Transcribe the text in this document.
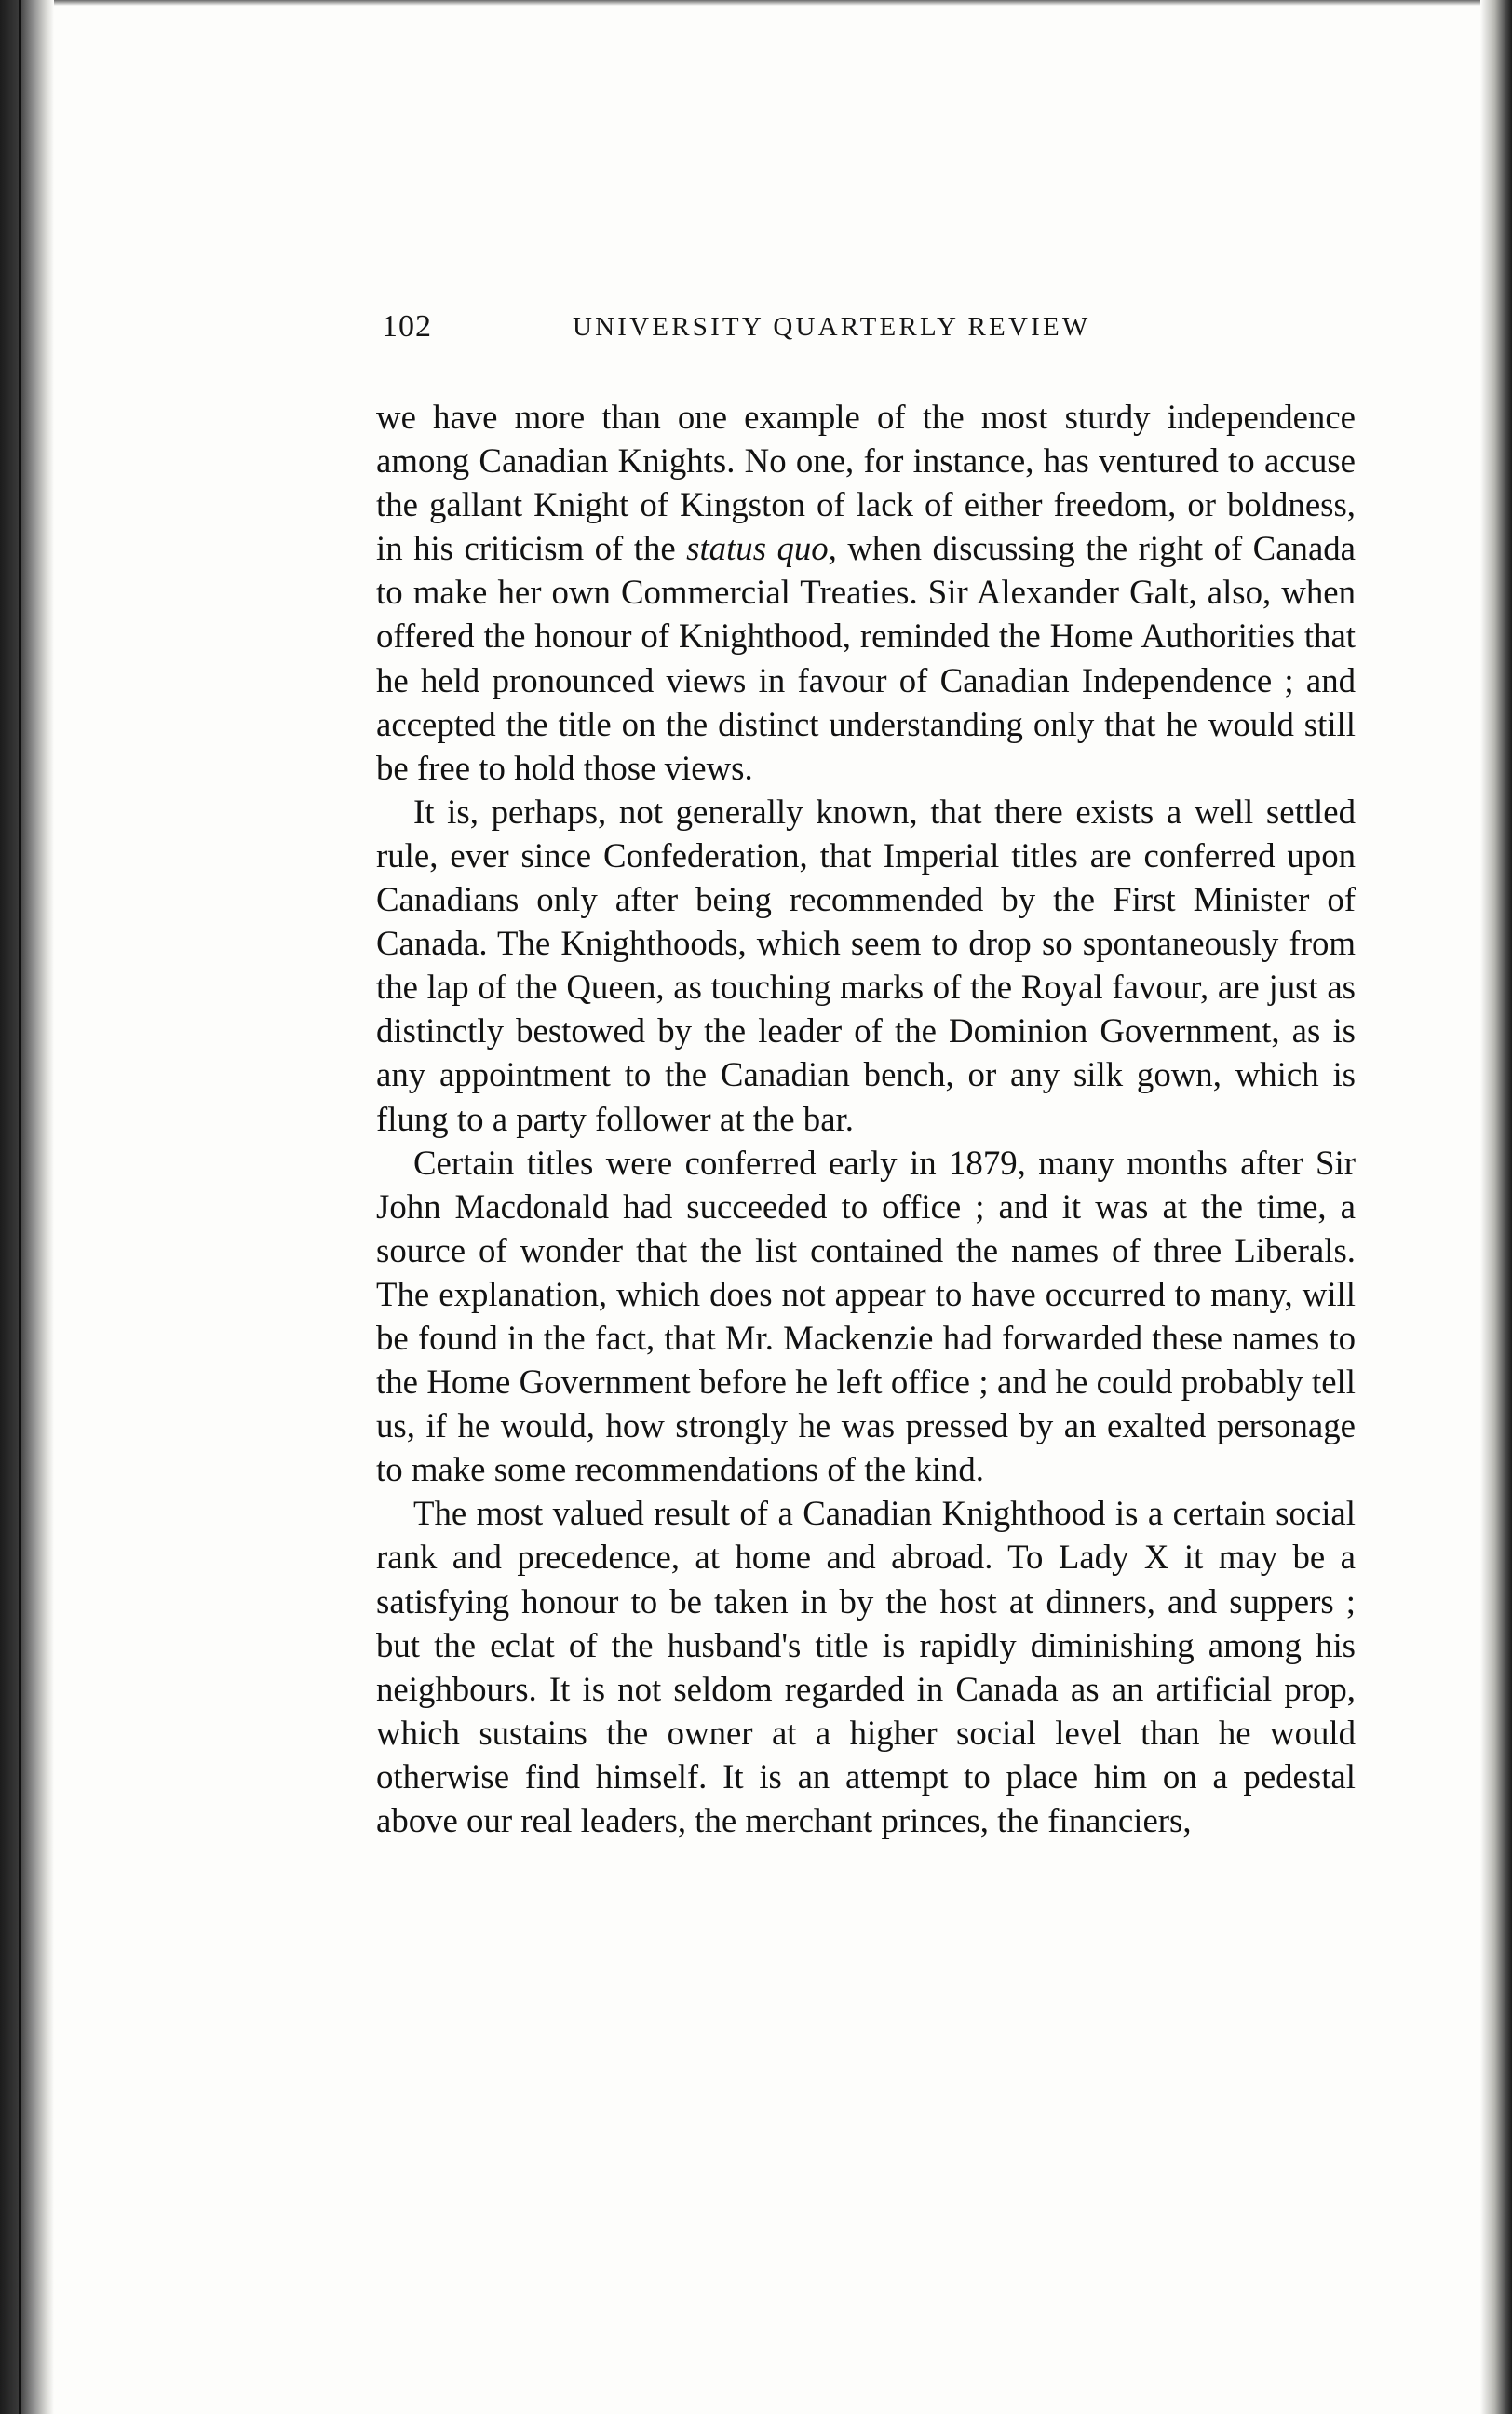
102	UNIVERSITY QUARTERLY REVIEW

we have more than one example of the most sturdy independence among Canadian Knights. No one, for instance, has ventured to accuse the gallant Knight of Kingston of lack of either freedom, or boldness, in his criticism of the status quo, when discussing the right of Canada to make her own Commercial Treaties. Sir Alexander Galt, also, when offered the honour of Knighthood, reminded the Home Authorities that he held pronounced views in favour of Canadian Independence ; and accepted the title on the distinct understanding only that he would still be free to hold those views.

It is, perhaps, not generally known, that there exists a well settled rule, ever since Confederation, that Imperial titles are conferred upon Canadians only after being recommended by the First Minister of Canada. The Knighthoods, which seem to drop so spontaneously from the lap of the Queen, as touching marks of the Royal favour, are just as distinctly bestowed by the leader of the Dominion Government, as is any appointment to the Canadian bench, or any silk gown, which is flung to a party follower at the bar.

Certain titles were conferred early in 1879, many months after Sir John Macdonald had succeeded to office ; and it was at the time, a source of wonder that the list contained the names of three Liberals. The explanation, which does not appear to have occurred to many, will be found in the fact, that Mr. Mackenzie had forwarded these names to the Home Government before he left office ; and he could probably tell us, if he would, how strongly he was pressed by an exalted personage to make some recommendations of the kind.

The most valued result of a Canadian Knighthood is a certain social rank and precedence, at home and abroad. To Lady X it may be a satisfying honour to be taken in by the host at dinners, and suppers ; but the eclat of the husband's title is rapidly diminishing among his neighbours. It is not seldom regarded in Canada as an artificial prop, which sustains the owner at a higher social level than he would otherwise find himself. It is an attempt to place him on a pedestal above our real leaders, the merchant princes, the financiers,
